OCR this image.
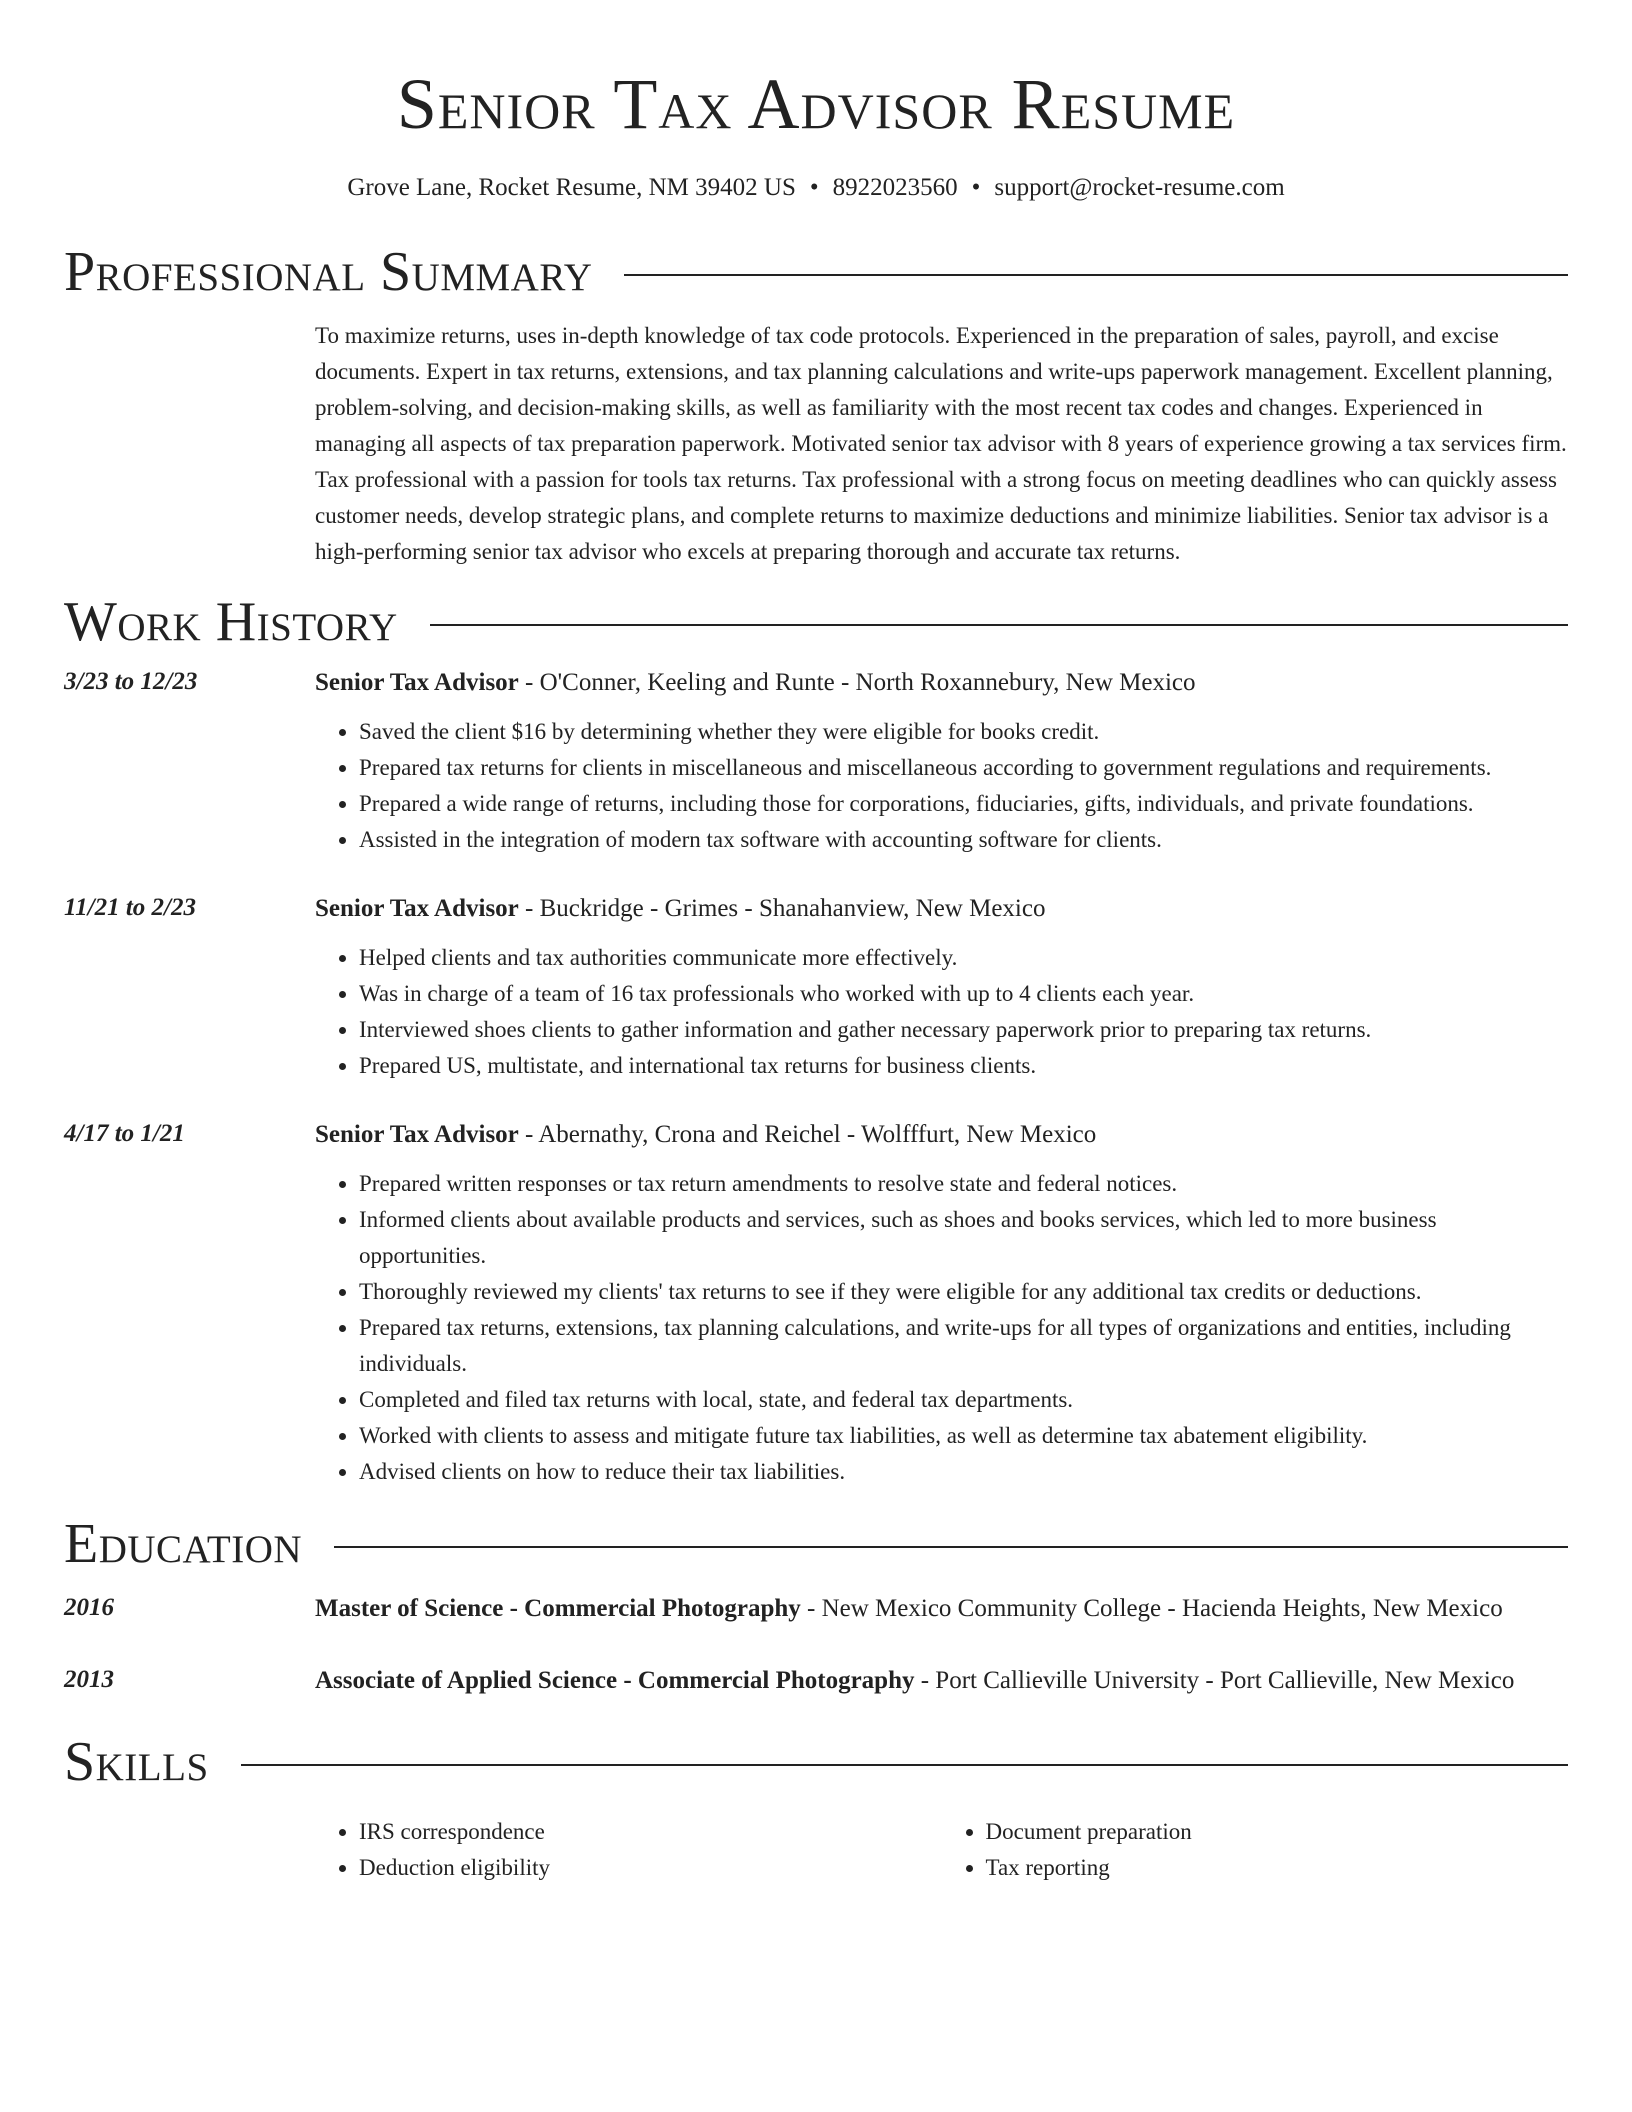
Senior Tax Advisor Resume
Grove Lane, Rocket Resume, NM 39402 US • 8922023560 • support@rocket-resume.com
Professional Summary
To maximize returns, uses in-depth knowledge of tax code protocols. Experienced in the preparation of sales, payroll, and excise documents. Expert in tax returns, extensions, and tax planning calculations and write-ups paperwork management. Excellent planning, problem-solving, and decision-making skills, as well as familiarity with the most recent tax codes and changes. Experienced in managing all aspects of tax preparation paperwork. Motivated senior tax advisor with 8 years of experience growing a tax services firm. Tax professional with a passion for tools tax returns. Tax professional with a strong focus on meeting deadlines who can quickly assess customer needs, develop strategic plans, and complete returns to maximize deductions and minimize liabilities. Senior tax advisor is a high-performing senior tax advisor who excels at preparing thorough and accurate tax returns.
Work History
3/23 to 12/23	Senior Tax Advisor - O'Conner, Keeling and Runte - North Roxannebury, New Mexico
• Saved the client $16 by determining whether they were eligible for books credit.
• Prepared tax returns for clients in miscellaneous and miscellaneous according to government regulations and requirements.
• Prepared a wide range of returns, including those for corporations, fiduciaries, gifts, individuals, and private foundations.
• Assisted in the integration of modern tax software with accounting software for clients.
11/21 to 2/23	Senior Tax Advisor - Buckridge - Grimes - Shanahanview, New Mexico
• Helped clients and tax authorities communicate more effectively.
• Was in charge of a team of 16 tax professionals who worked with up to 4 clients each year.
• Interviewed shoes clients to gather information and gather necessary paperwork prior to preparing tax returns.
• Prepared US, multistate, and international tax returns for business clients.
4/17 to 1/21	Senior Tax Advisor - Abernathy, Crona and Reichel - Wolfffurt, New Mexico
• Prepared written responses or tax return amendments to resolve state and federal notices.
• Informed clients about available products and services, such as shoes and books services, which led to more business opportunities.
• Thoroughly reviewed my clients' tax returns to see if they were eligible for any additional tax credits or deductions.
• Prepared tax returns, extensions, tax planning calculations, and write-ups for all types of organizations and entities, including individuals.
• Completed and filed tax returns with local, state, and federal tax departments.
• Worked with clients to assess and mitigate future tax liabilities, as well as determine tax abatement eligibility.
• Advised clients on how to reduce their tax liabilities.
Education
2016	Master of Science - Commercial Photography - New Mexico Community College - Hacienda Heights, New Mexico
2013	Associate of Applied Science - Commercial Photography - Port Callieville University - Port Callieville, New Mexico
Skills
• IRS correspondence
• Deduction eligibility
• Document preparation
• Tax reporting
